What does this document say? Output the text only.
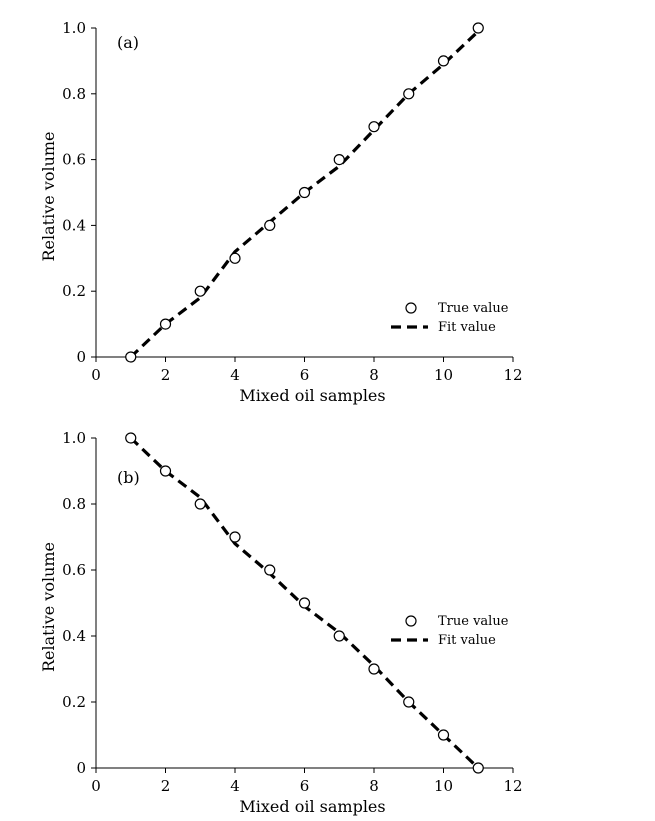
0	2	4	6	8	10	12
0
0.2
0.4
0.6
0.8
1.0
Mixed oil samples
Relative volume
(a)
True value
Fit value
0	2	4	6	8	10	12
0
0.2
0.4
0.6
0.8
1.0
Mixed oil samples
Relative volume
(b)
True value
Fit value
